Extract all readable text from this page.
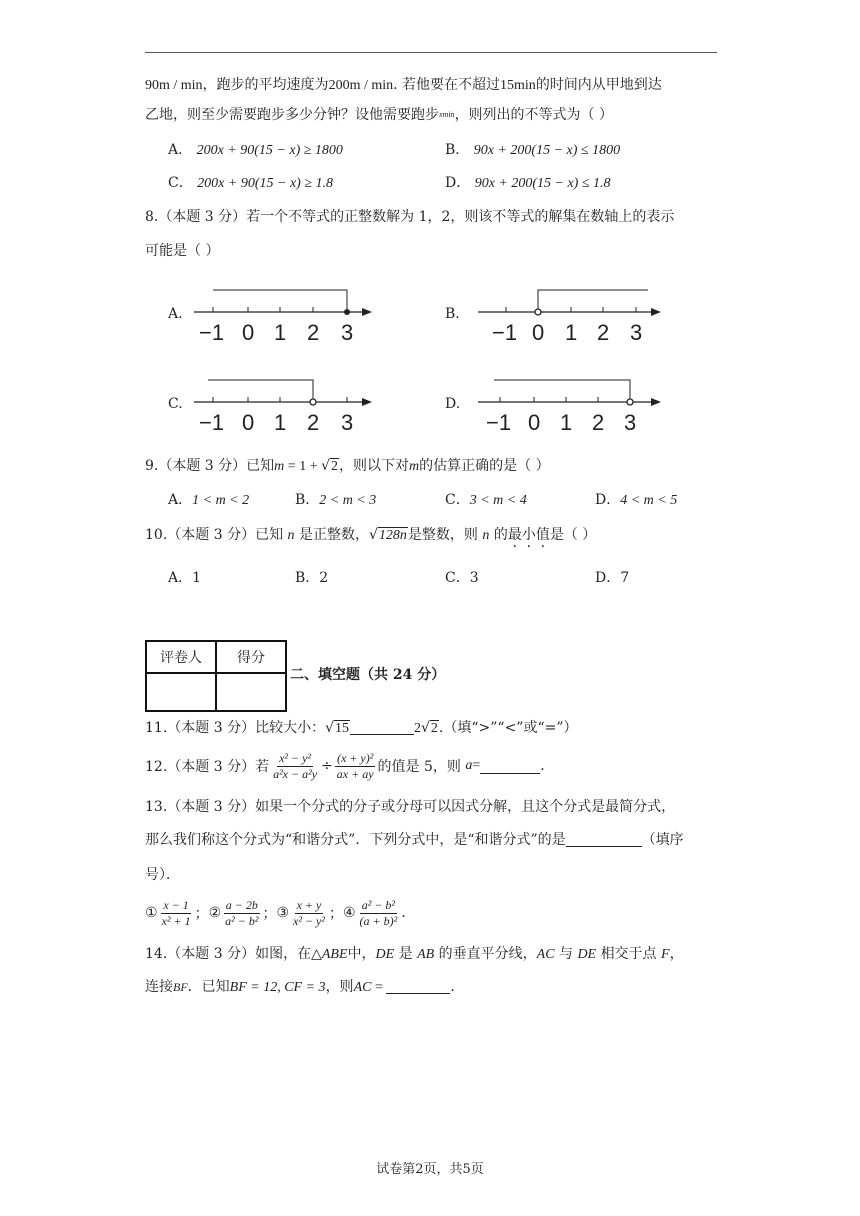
90m / min，跑步的平均速度为200m / min. 若他要在不超过15min的时间内从甲地到达
乙地，则至少需要跑步多少分钟？设他需要跑步xmin，则列出的不等式为（ ）
A． 200x + 90(15 − x) ≥ 1800	B． 90x + 200(15 − x) ≤ 1800
C． 200x + 90(15 − x) ≥ 1.8	D． 90x + 200(15 − x) ≤ 1.8
8.（本题 3 分）若一个不等式的正整数解为 1，2，则该不等式的解集在数轴上的表示
可能是（ ）
A.
−1 0 1 2 3
B.
−1 0 1 2 3
C.
−1 0 1 2 3
D.
−1 0 1 2 3
9.（本题 3 分）已知m = 1 + √2，则以下对m的估算正确的是（ ）
A．1 < m < 2	B．2 < m < 3	C．3 < m < 4	D．4 < m < 5
10.（本题 3 分）已知 n 是正整数，√128n是整数，则 n 的最小值是（ ）
A．1	B．2	C．3	D．7
评卷人	得分

二、填空题（共 24 分）
11.（本题 3 分）比较大小：√15	2√2.（填“>”“<”或“=”）
12.（本题 3 分）若 $\frac{\text{x² − y²}}{\text{a²x − a²y}} \div \frac{\text{(x + y)²}}{ax + ay}$ 的值是 5，则
a =	.
13.（本题 3 分）如果一个分式的分子或分母可以因式分解，且这个分式是最简分式，
那么我们称这个分式为“和谐分式”．下列分式中，是“和谐分式”的是	（填序
号）．
① $\frac{x - 1}{\text{x² + 1}}$ ； ② $\frac{a - 2b}{\text{a² − b²}}$ ； ③ $\frac{x + y}{\text{x² − y²}}$ ； ④ $\frac{\text{a² − b²}}{\text{(a + b)²}}$ .
14.（本题 3 分）如图，在△ABE中，DE 是 AB 的垂直平分线，AC 与 DE 相交于点 F，
连接BF．已知BF = 12, CF = 3，则AC =	.
试卷第2页，共5页
